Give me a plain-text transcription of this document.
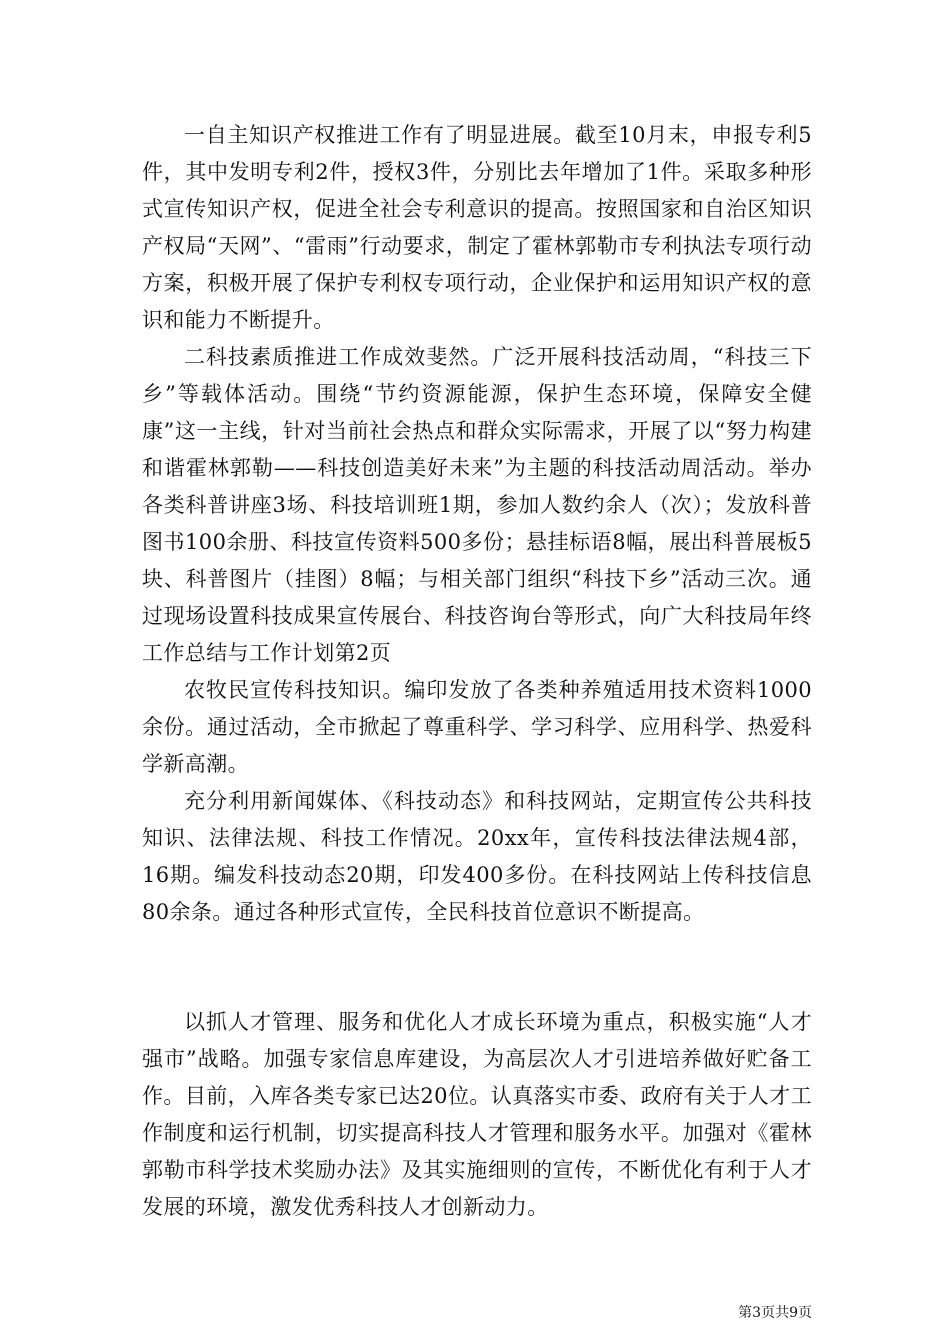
一自主知识产权推进工作有了明显进展。截至10月末，申报专利5件，其中发明专利2件，授权3件，分别比去年增加了1件。采取多种形式宣传知识产权，促进全社会专利意识的提高。按照国家和自治区知识产权局“天网”、“雷雨”行动要求，制定了霍林郭勒市专利执法专项行动方案，积极开展了保护专利权专项行动，企业保护和运用知识产权的意识和能力不断提升。

二科技素质推进工作成效斐然。广泛开展科技活动周，“科技三下乡”等载体活动。围绕“节约资源能源，保护生态环境，保障安全健康”这一主线，针对当前社会热点和群众实际需求，开展了以“努力构建和谐霍林郭勒——科技创造美好未来”为主题的科技活动周活动。举办各类科普讲座3场、科技培训班1期，参加人数约余人（次）；发放科普图书100余册、科技宣传资料500多份；悬挂标语8幅，展出科普展板5块、科普图片（挂图）8幅；与相关部门组织“科技下乡”活动三次。通过现场设置科技成果宣传展台、科技咨询台等形式，向广大科技局年终工作总结与工作计划第2页

农牧民宣传科技知识。编印发放了各类种养殖适用技术资料1000余份。通过活动，全市掀起了尊重科学、学习科学、应用科学、热爱科学新高潮。

充分利用新闻媒体、《科技动态》和科技网站，定期宣传公共科技知识、法律法规、科技工作情况。20xx年，宣传科技法律法规4部，16期。编发科技动态20期，印发400多份。在科技网站上传科技信息80余条。通过各种形式宣传，全民科技首位意识不断提高。

以抓人才管理、服务和优化人才成长环境为重点，积极实施“人才强市”战略。加强专家信息库建设，为高层次人才引进培养做好贮备工作。目前，入库各类专家已达20位。认真落实市委、政府有关于人才工作制度和运行机制，切实提高科技人才管理和服务水平。加强对《霍林郭勒市科学技术奖励办法》及其实施细则的宣传，不断优化有利于人才发展的环境，激发优秀科技人才创新动力。

第3页共9页
